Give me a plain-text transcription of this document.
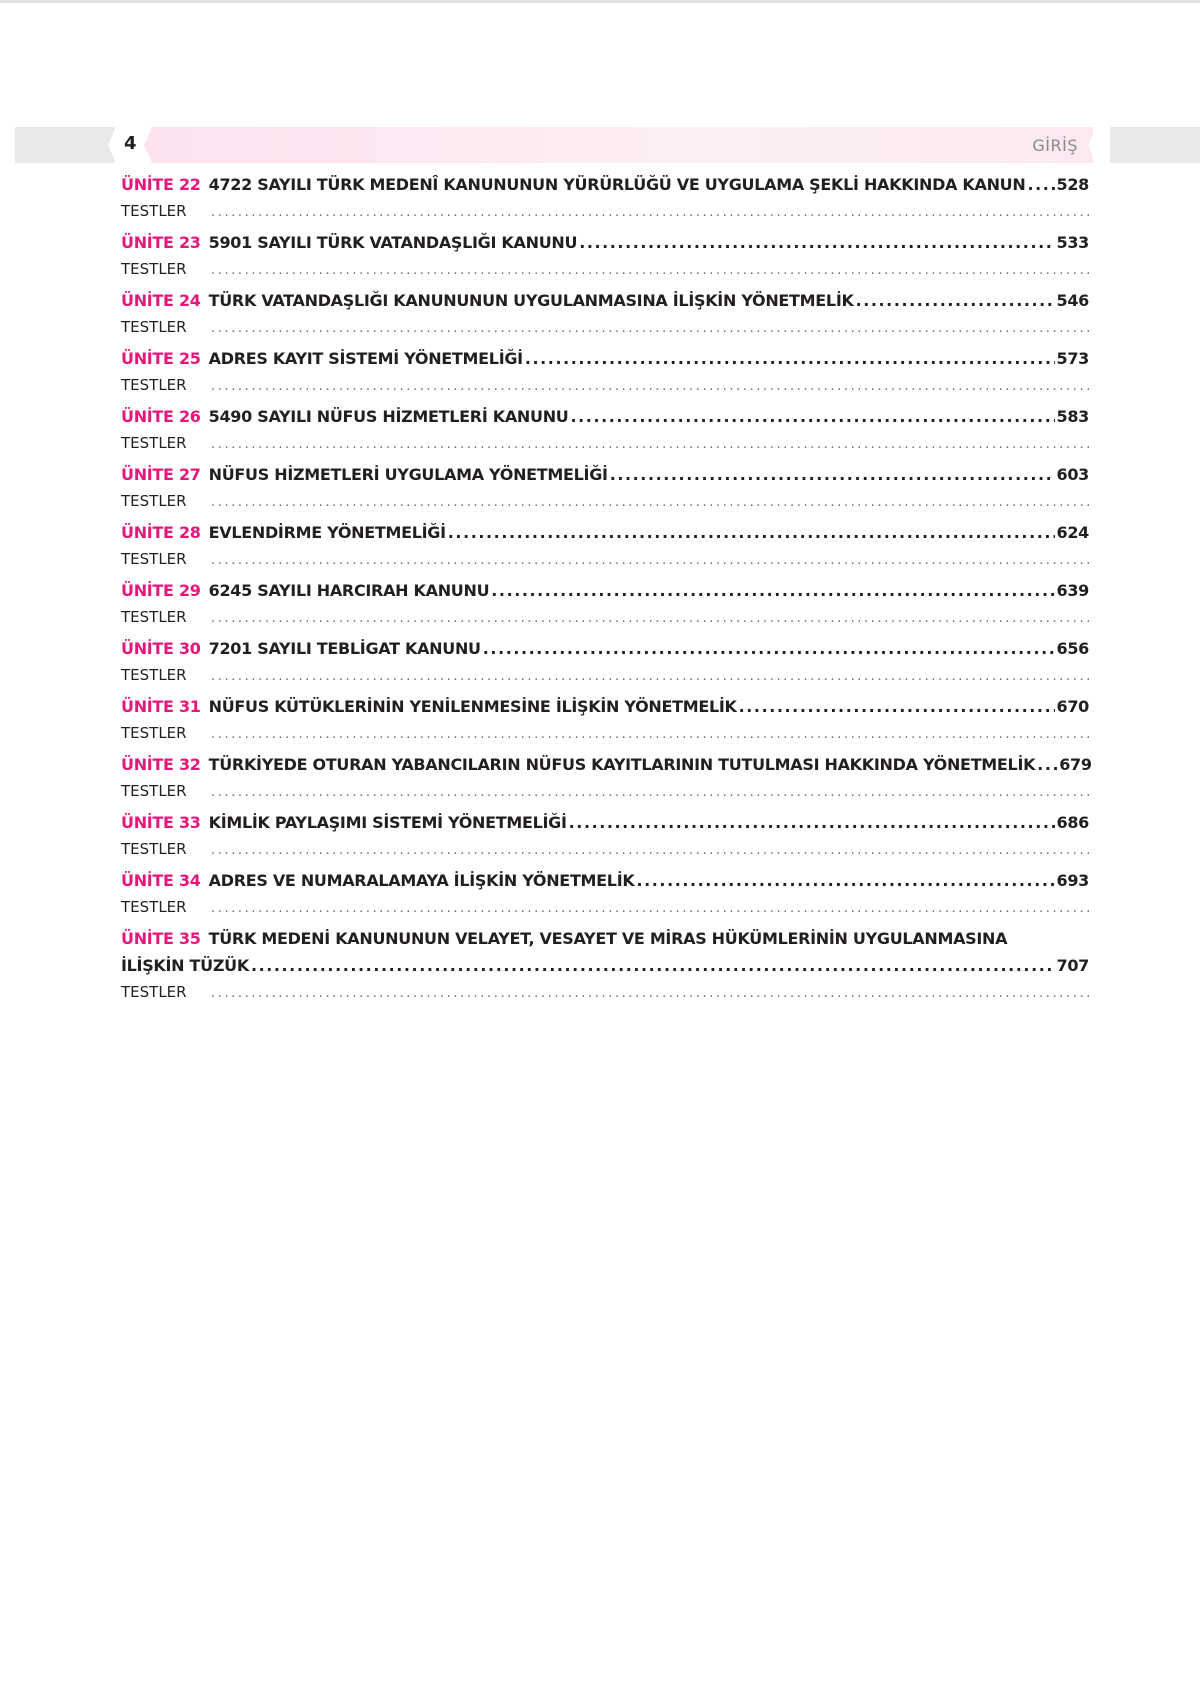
4	GİRİŞ
ÜNİTE 22 4722 SAYILI TÜRK MEDENÎ KANUNUNUN YÜRÜRLÜĞÜ VE UYGULAMA ŞEKLİ HAKKINDA KANUN . . . 528
TESTLER
.....
ÜNİTE 23 5901 SAYILI TÜRK VATANDAŞLIĞI KANUNU . . .	533
TESTLER
.....
ÜNİTE 24 TÜRK VATANDAŞLIĞI KANUNUNUN UYGULANMASINA İLİŞKİN YÖNETMELİK . . .	546
TESTLER
.....
ÜNİTE 25 ADRES KAYIT SİSTEMİ YÖNETMELİĞİ . . .	573
TESTLER
.....
ÜNİTE 26 5490 SAYILI NÜFUS HİZMETLERİ KANUNU . . .	583
TESTLER
.....
ÜNİTE 27 NÜFUS HİZMETLERİ UYGULAMA YÖNETMELİĞİ . . .	603
TESTLER
.....
ÜNİTE 28 EVLENDİRME YÖNETMELİĞİ . . .	624
TESTLER
.....
ÜNİTE 29 6245 SAYILI HARCIRAH KANUNU . . .	639
TESTLER
.....
ÜNİTE 30 7201 SAYILI TEBLİGAT KANUNU . . .	656
TESTLER
.....
ÜNİTE 31 NÜFUS KÜTÜKLERİNİN YENİLENMESİNE İLİŞKİN YÖNETMELİK . . .	670
TESTLER
.....
ÜNİTE 32 TÜRKİYEDE OTURAN YABANCILARIN NÜFUS KAYITLARININ TUTULMASI HAKKINDA YÖNETMELİK . . . 679
TESTLER
.....
ÜNİTE 33 KİMLİK PAYLAŞIMI SİSTEMİ YÖNETMELİĞİ . . .	686
TESTLER
.....
ÜNİTE 34 ADRES VE NUMARALAMAYA İLİŞKİN YÖNETMELİK . . .	693
TESTLER
.....
ÜNİTE 35 TÜRK MEDENİ KANUNUNUN VELAYET, VESAYET VE MİRAS HÜKÜMLERİNİN UYGULANMASINA
İLİŞKİN TÜZÜK . . .	707
TESTLER
.....
